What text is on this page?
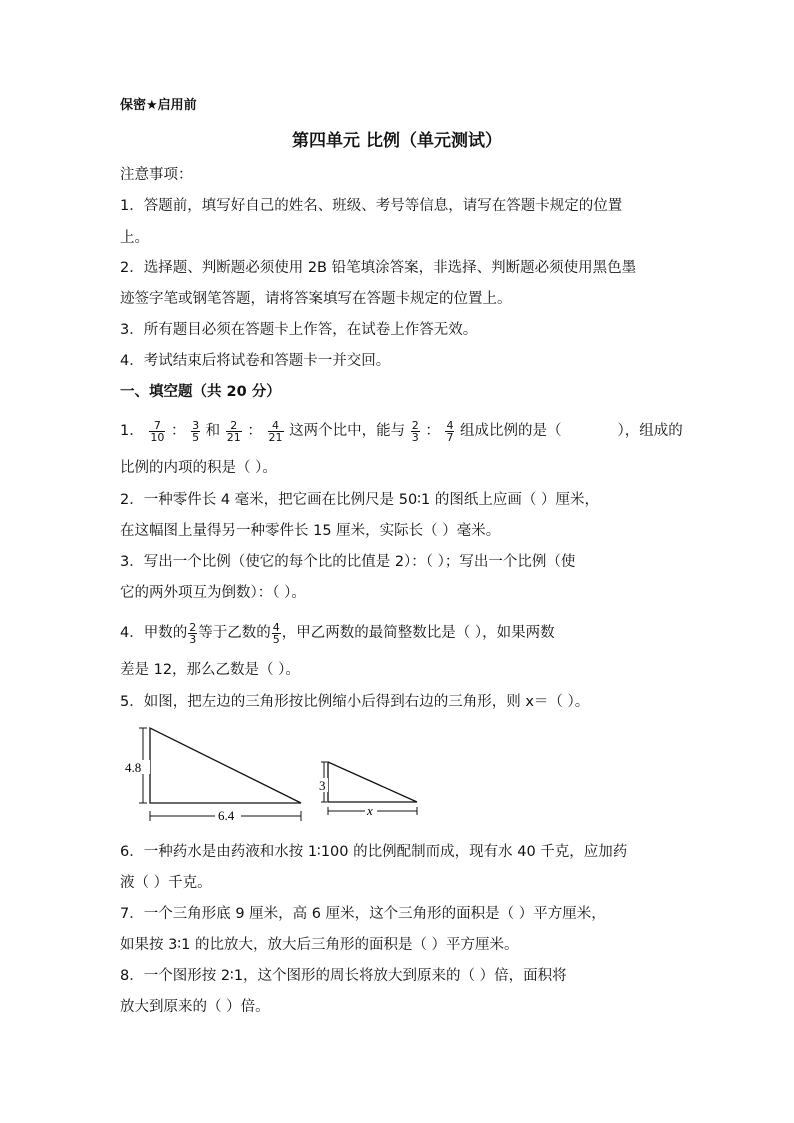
保密★启用前
第四单元 比例（单元测试）
注意事项：
1．答题前，填写好自己的姓名、班级、考号等信息，请写在答题卡规定的位置
上。
2．选择题、判断题必须使用 2B 铅笔填涂答案，非选择、判断题必须使用黑色墨
迹签字笔或钢笔答题，请将答案填写在答题卡规定的位置上。
3．所有题目必须在答题卡上作答，在试卷上作答无效。
4．考试结束后将试卷和答题卡一并交回。
一、填空题（共 20 分）
1． $\frac{7}{10}$ ： $\frac{3}{5}$ 和 $\frac{2}{21}$ ： $\frac{4}{21}$ 这两个比中，能与 $\frac{2}{3}$ ： $\frac{4}{7}$ 组成比例的是（	），组成的
比例的内项的积是（ ）。
2．一种零件长 4 毫米，把它画在比例尺是 50∶1 的图纸上应画（ ）厘米，
在这幅图上量得另一种零件长 15 厘米，实际长（ ）毫米。
3．写出一个比例（使它的每个比的比值是 2）：（ ）；写出一个比例（使
它的两外项互为倒数）：（ ）。
4．甲数的 $\frac{2}{3}$ 等于乙数的 $\frac{4}{5}$ ，甲乙两数的最简整数比是（ ），如果两数
差是 12，那么乙数是（ ）。
5．如图，把左边的三角形按比例缩小后得到右边的三角形，则 x＝（ ）。
4.8
6.4
3
x
6．一种药水是由药液和水按 1∶100 的比例配制而成，现有水 40 千克，应加药
液（ ）千克。
7．一个三角形底 9 厘米，高 6 厘米，这个三角形的面积是（ ）平方厘米，
如果按 3∶1 的比放大，放大后三角形的面积是（ ）平方厘米。
8．一个图形按 2∶1，这个图形的周长将放大到原来的（ ）倍，面积将
放大到原来的（ ）倍。
